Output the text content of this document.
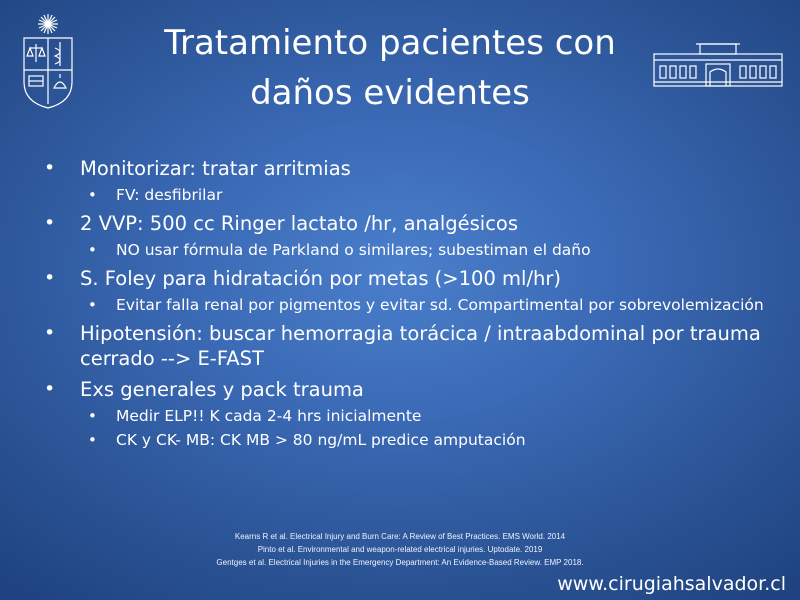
Tratamiento pacientes con
daños evidentes
• Monitorizar: tratar arritmias
• FV: desfibrilar
• 2 VVP: 500 cc Ringer lactato /hr, analgésicos
• NO usar fórmula de Parkland o similares; subestiman el daño
• S. Foley para hidratación por metas (>100 ml/hr)
• Evitar falla renal por pigmentos y evitar sd. Compartimental por sobrevolemización
• Hipotensión: buscar hemorragia torácica / intraabdominal por trauma cerrado --> E-FAST
• Exs generales y pack trauma
• Medir ELP!! K cada 2-4 hrs inicialmente
• CK y CK- MB: CK MB > 80 ng/mL predice amputación
Kearns R et al. Electrical Injury and Burn Care: A Review of Best Practices. EMS World. 2014
Pinto et al. Environmental and weapon-related electrical injuries. Uptodate. 2019
Gentges et al. Electrical Injuries in the Emergency Department: An Evidence-Based Review. EMP 2018.
www.cirugiahsalvador.cl
